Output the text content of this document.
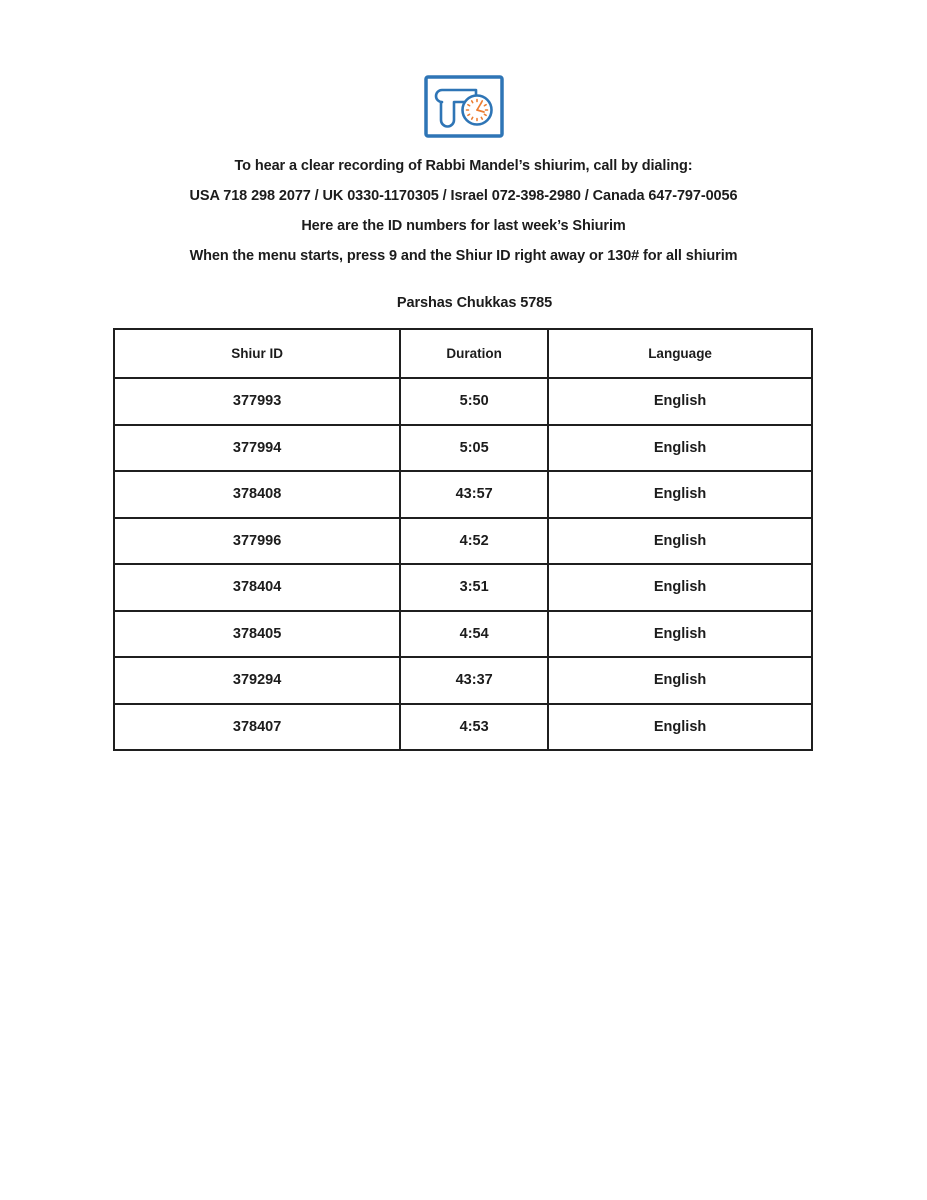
To hear a clear recording of Rabbi Mandel’s shiurim, call by dialing:

USA 718 298 2077 / UK 0330-1170305 / Israel 072-398-2980 / Canada 647-797-0056

Here are the ID numbers for last week’s Shiurim

When the menu starts, press 9 and the Shiur ID right away or 130# for all shiurim

Parshas Chukkas 5785
Shiur ID	Duration	Language
377993	5:50	English
377994	5:05	English
378408	43:57	English
377996	4:52	English
378404	3:51	English
378405	4:54	English
379294	43:37	English
378407	4:53	English
